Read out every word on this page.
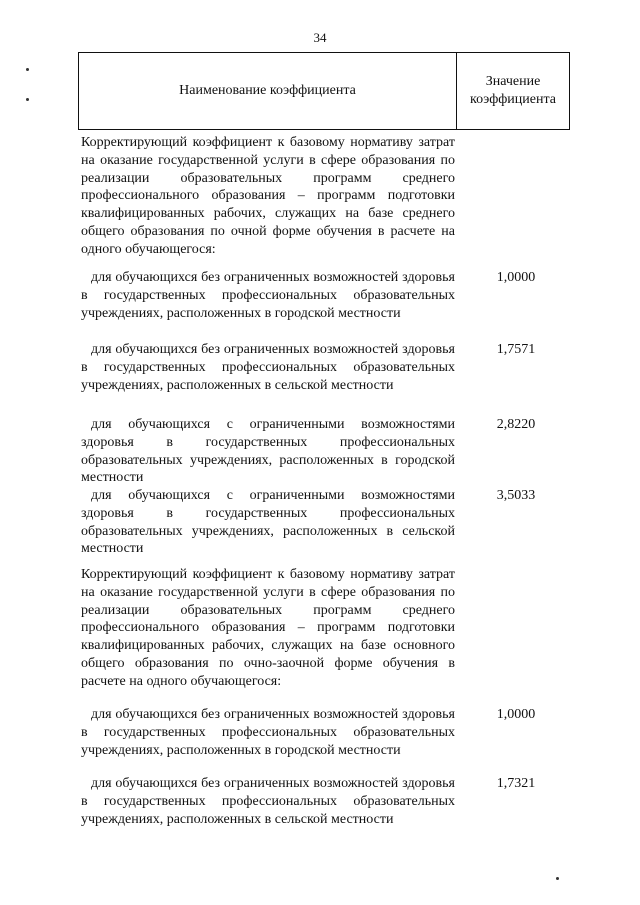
34
Наименование коэффициента
Значение
коэффициента
Корректирующий коэффициент к базовому нормативу затрат на оказание государственной услуги в сфере образования по реализации образовательных программ среднего профессионального образования – программ подготовки квалифицированных рабочих, служащих на базе среднего общего образования по очной форме обучения в расчете на одного обучающегося:
для обучающихся без ограниченных возможностей здоровья в государственных профессиональных образовательных учреждениях, расположенных в городской местности
1,0000
для обучающихся без ограниченных возможностей здоровья в государственных профессиональных образовательных учреждениях, расположенных в сельской местности
1,7571
для обучающихся с ограниченными возможностями здоровья в государственных профессиональных образовательных учреждениях, расположенных в городской местности
2,8220
для обучающихся с ограниченными возможностями здоровья в государственных профессиональных образовательных учреждениях, расположенных в сельской местности
3,5033
Корректирующий коэффициент к базовому нормативу затрат на оказание государственной услуги в сфере образования по реализации образовательных программ среднего профессионального образования – программ подготовки квалифицированных рабочих, служащих на базе основного общего образования по очно-заочной форме обучения в расчете на одного обучающегося:
для обучающихся без ограниченных возможностей здоровья в государственных профессиональных образовательных учреждениях, расположенных в городской местности
1,0000
для обучающихся без ограниченных возможностей здоровья в государственных профессиональных образовательных учреждениях, расположенных в сельской местности
1,7321
